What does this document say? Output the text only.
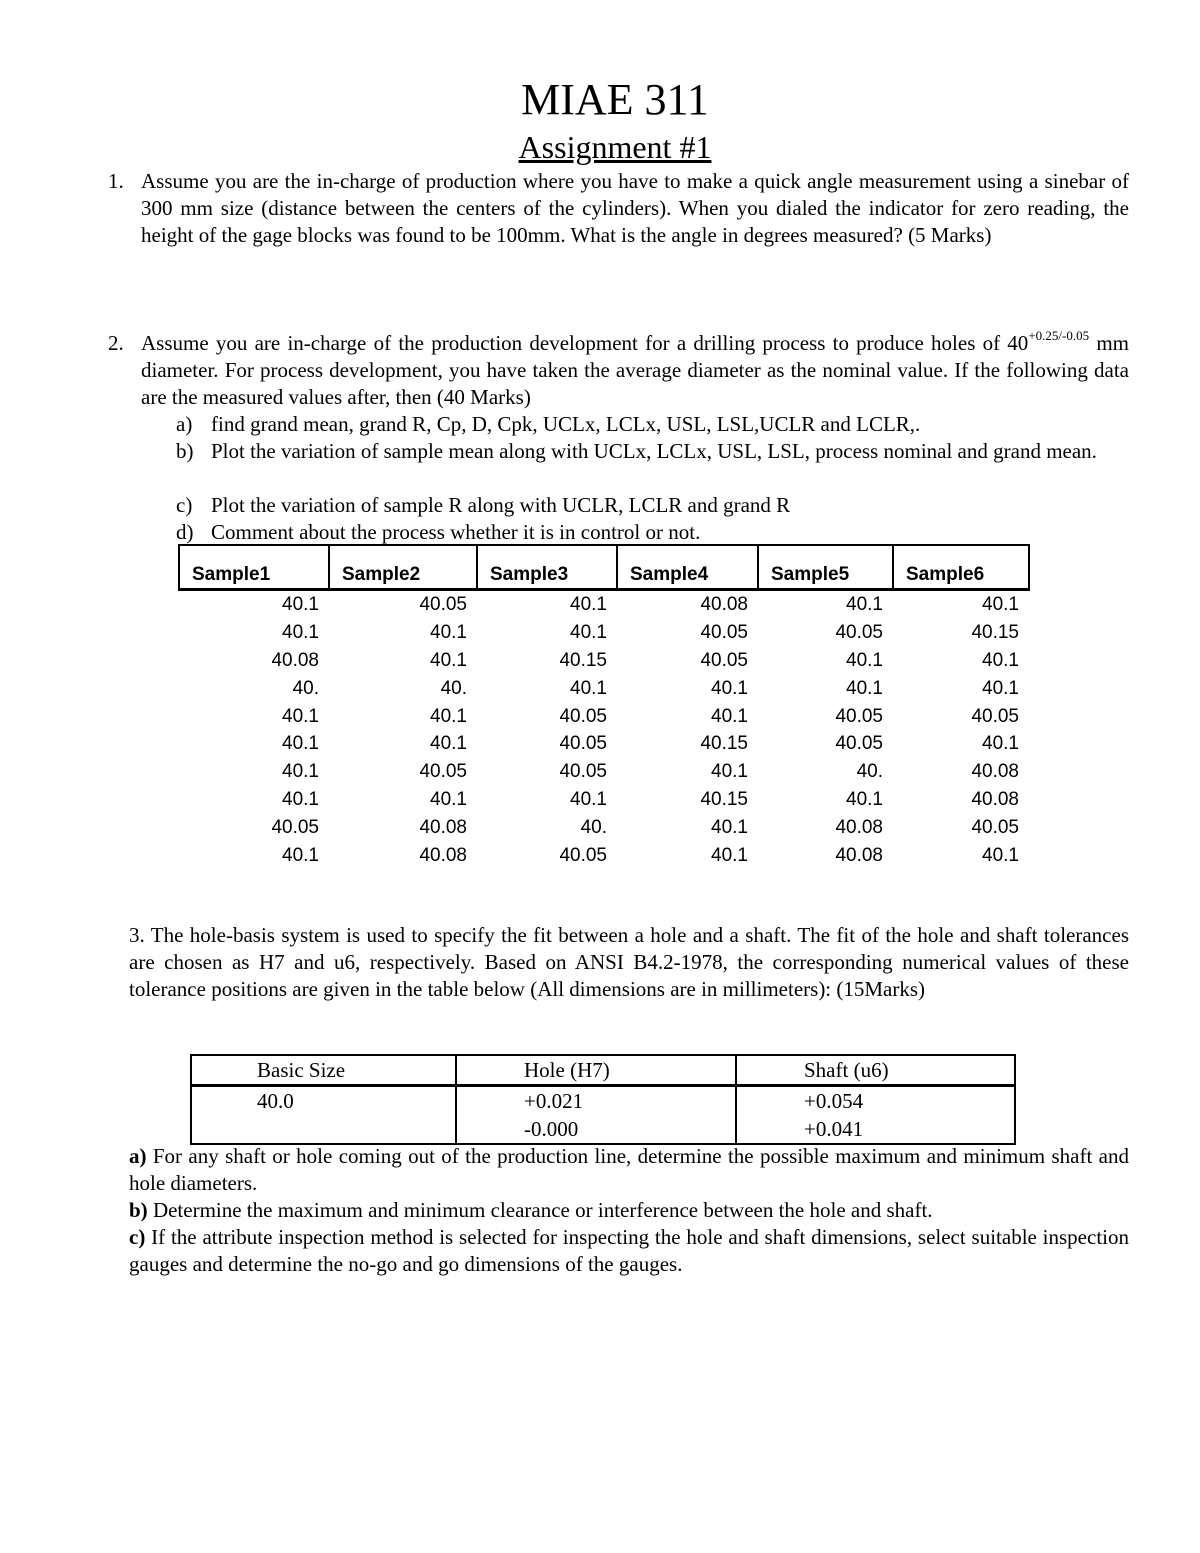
MIAE 311
Assignment #1
1. Assume you are the in-charge of production where you have to make a quick angle measurement using a sinebar of 300 mm size (distance between the centers of the cylinders). When you dialed the indicator for zero reading, the height of the gage blocks was found to be 100mm. What is the angle in degrees measured? (5 Marks)
2. Assume you are in-charge of the production development for a drilling process to produce holes of $40^{+0.25/-0.05}$ mm diameter. For process development, you have taken the average diameter as the nominal value. If the following data are the measured values after, then (40 Marks)
a) find grand mean, grand R, Cp, D, Cpk, UCLx, LCLx, USL, LSL,UCLR and LCLR,.
b) Plot the variation of sample mean along with UCLx, LCLx, USL, LSL, process nominal and grand mean.
c) Plot the variation of sample R along with UCLR, LCLR and grand R
d) Comment about the process whether it is in control or not.
Sample1	Sample2	Sample3	Sample4	Sample5	Sample6
40.1	40.05	40.1	40.08	40.1	40.1
40.1	40.1	40.1	40.05	40.05	40.15
40.08	40.1	40.15	40.05	40.1	40.1
40.	40.	40.1	40.1	40.1	40.1
40.1	40.1	40.05	40.1	40.05	40.05
40.1	40.1	40.05	40.15	40.05	40.1
40.1	40.05	40.05	40.1	40.	40.08
40.1	40.1	40.1	40.15	40.1	40.08
40.05	40.08	40.	40.1	40.08	40.05
40.1	40.08	40.05	40.1	40.08	40.1
3. The hole-basis system is used to specify the fit between a hole and a shaft. The fit of the hole and shaft tolerances are chosen as H7 and u6, respectively. Based on ANSI B4.2-1978, the corresponding numerical values of these tolerance positions are given in the table below (All dimensions are in millimeters): (15Marks)
Basic Size	Hole (H7)	Shaft (u6)
40.0	+0.021	+0.054
	-0.000	+0.041
a) For any shaft or hole coming out of the production line, determine the possible maximum and minimum shaft and hole diameters.
b) Determine the maximum and minimum clearance or interference between the hole and shaft.
c) If the attribute inspection method is selected for inspecting the hole and shaft dimensions, select suitable inspection gauges and determine the no-go and go dimensions of the gauges.
